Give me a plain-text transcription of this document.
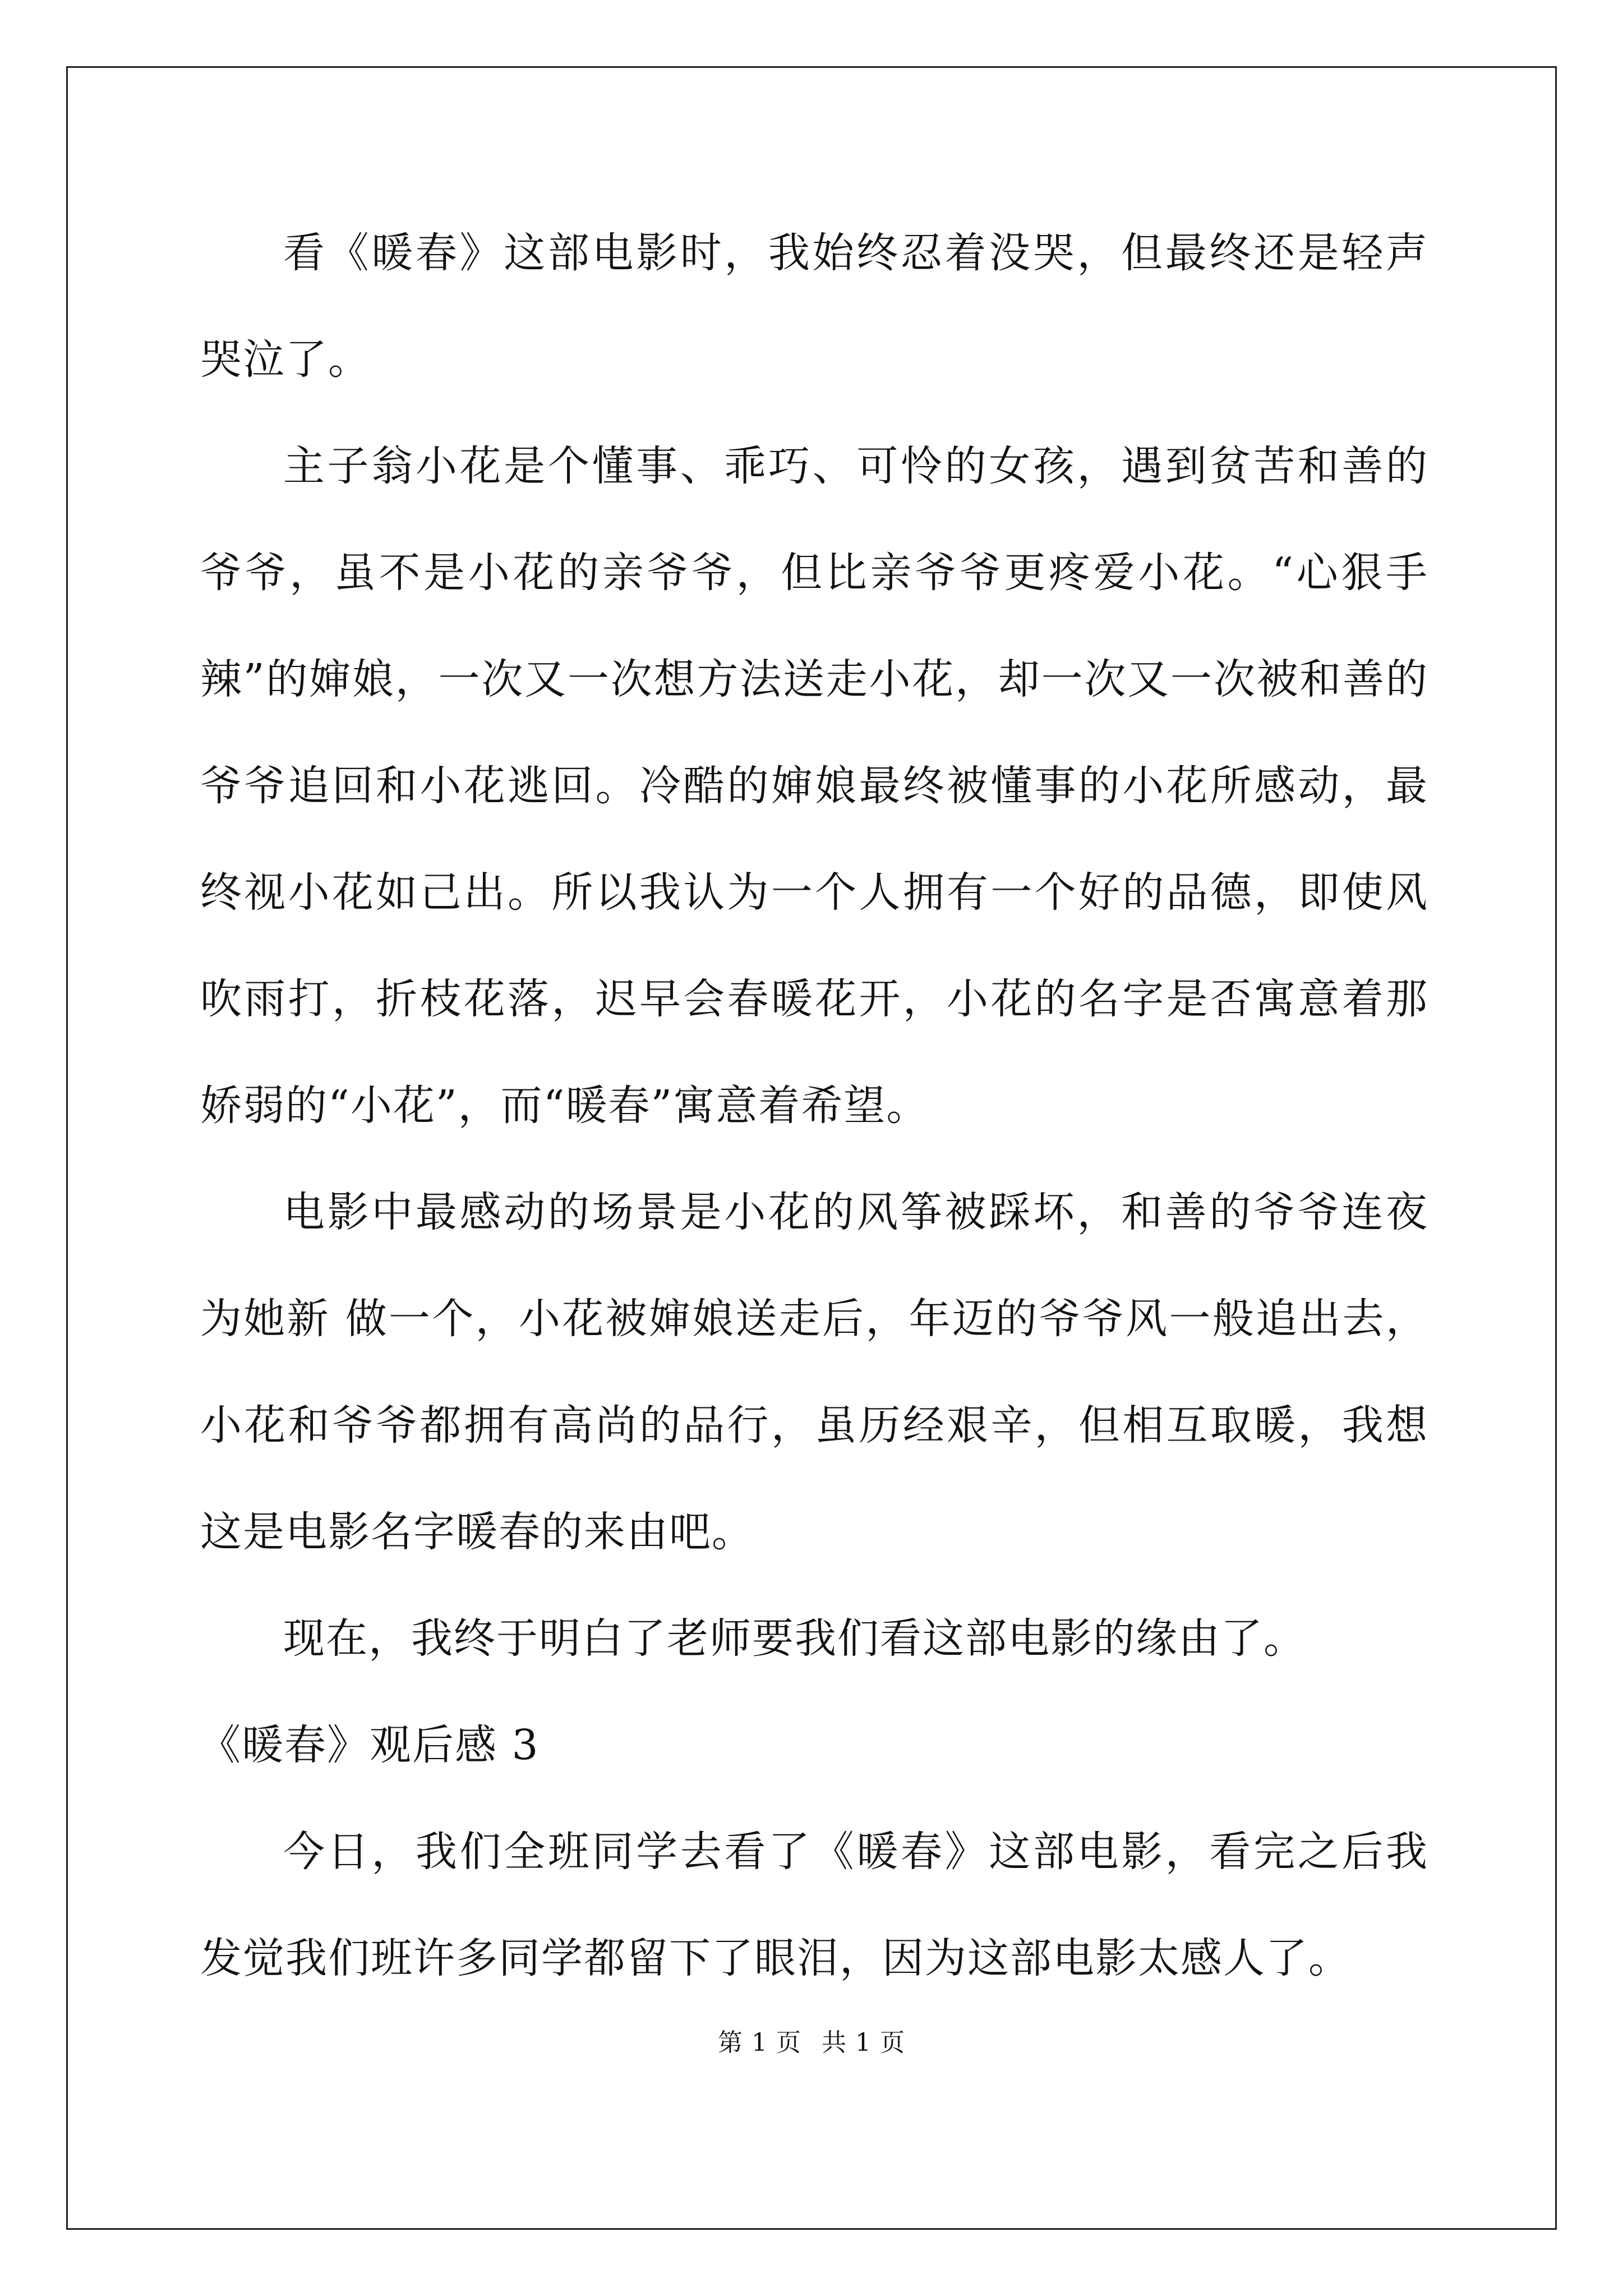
看《暖春》这部电影时，我始终忍着没哭，但最终还是轻声哭泣了。

主子翁小花是个懂事、乖巧、可怜的女孩，遇到贫苦和善的爷爷，虽不是小花的亲爷爷，但比亲爷爷更疼爱小花。“心狠手辣”的婶娘，一次又一次想方法送走小花，却一次又一次被和善的爷爷追回和小花逃回。冷酷的婶娘最终被懂事的小花所感动，最终视小花如己出。所以我认为一个人拥有一个好的品德，即使风吹雨打，折枝花落，迟早会春暖花开，小花的名字是否寓意着那娇弱的“小花”，而“暖春”寓意着希望。

电影中最感动的场景是小花的风筝被踩坏，和善的爷爷连夜为她新 做一个，小花被婶娘送走后，年迈的爷爷风一般追出去，小花和爷爷都拥有高尚的品行，虽历经艰辛，但相互取暖，我想这是电影名字暖春的来由吧。

现在，我终于明白了老师要我们看这部电影的缘由了。

《暖春》观后感 3

今日，我们全班同学去看了《暖春》这部电影，看完之后我发觉我们班许多同学都留下了眼泪，因为这部电影太感人了。

第 1 页 共 1 页
